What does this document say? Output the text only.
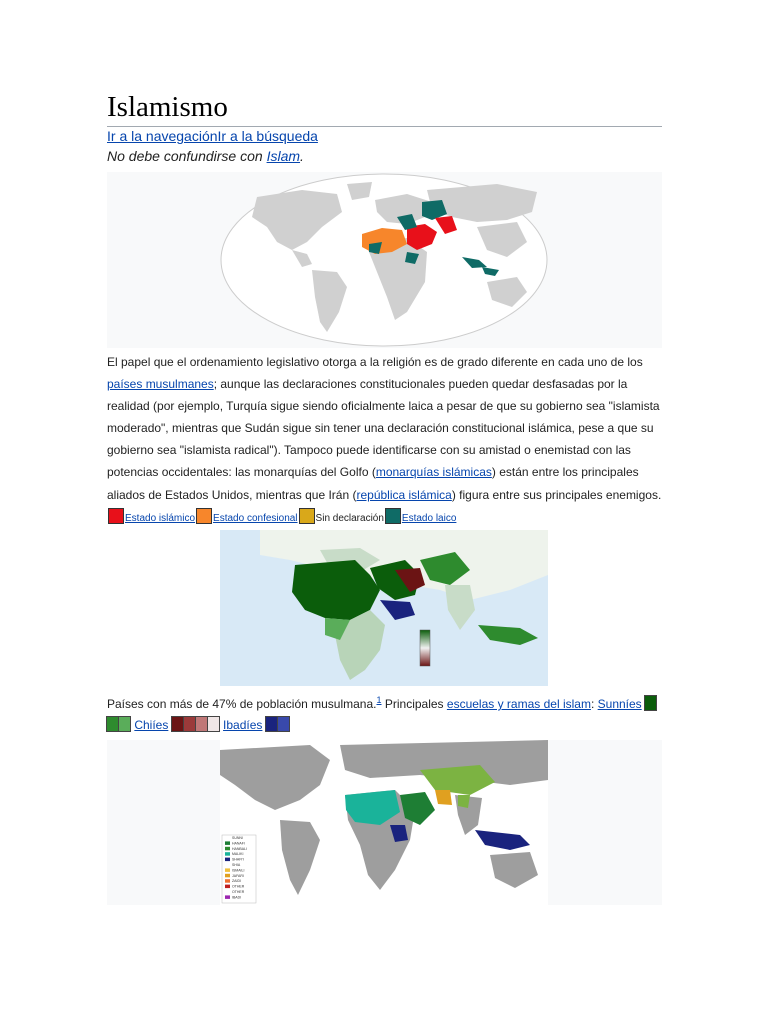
Islamismo
Ir a la navegaciónIr a la búsqueda
No debe confundirse con Islam.
El papel que el ordenamiento legislativo otorga a la religión es de grado diferente en cada uno de los países musulmanes; aunque las declaraciones constitucionales pueden quedar desfasadas por la realidad (por ejemplo, Turquía sigue siendo oficialmente laica a pesar de que su gobierno sea "islamista moderado", mientras que Sudán sigue sin tener una declaración constitucional islámica, pese a que su gobierno sea "islamista radical"). Tampoco puede identificarse con su amistad o enemistad con las potencias occidentales: las monarquías del Golfo (monarquías islámicas) están entre los principales aliados de Estados Unidos, mientras que Irán (república islámica) figura entre sus principales enemigos.Estado islámico Estado confesional Sin declaración Estado laico
Países con más de 47% de población musulmana.$^1$ Principales escuelas y ramas del islam: Sunníes  Chiíes	Ibadíes
SUNNI
HANAFI
HANBALI
MALIKI
SHAFI'I
SHIA
ISMAILI
JAFARI
ZAIDI
OTHER
OTHER
IBADI
